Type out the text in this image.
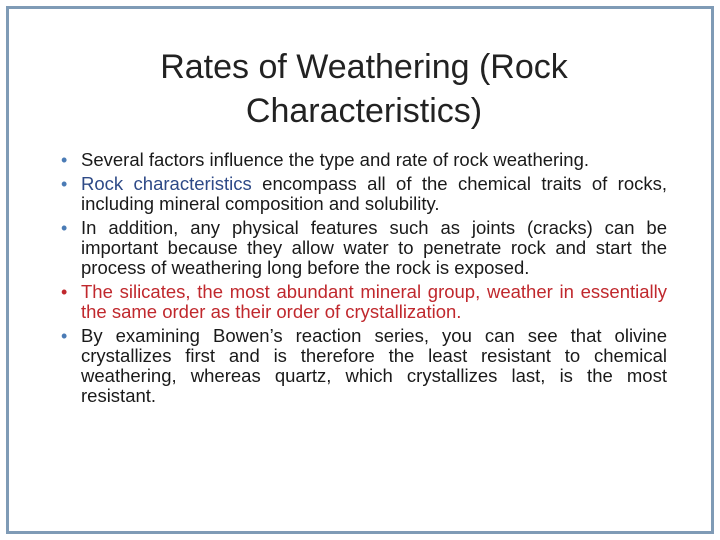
Rates of Weathering (Rock Characteristics)
• Several factors influence the type and rate of rock weathering.
• Rock characteristics encompass all of the chemical traits of rocks, including mineral composition and solubility.
• In addition, any physical features such as joints (cracks) can be important because they allow water to penetrate rock and start the process of weathering long before the rock is exposed.
• The silicates, the most abundant mineral group, weather in essentially the same order as their order of crystallization.
• By examining Bowen’s reaction series, you can see that olivine crystallizes first and is therefore the least resistant to chemical weathering, whereas quartz, which crystallizes last, is the most resistant.
